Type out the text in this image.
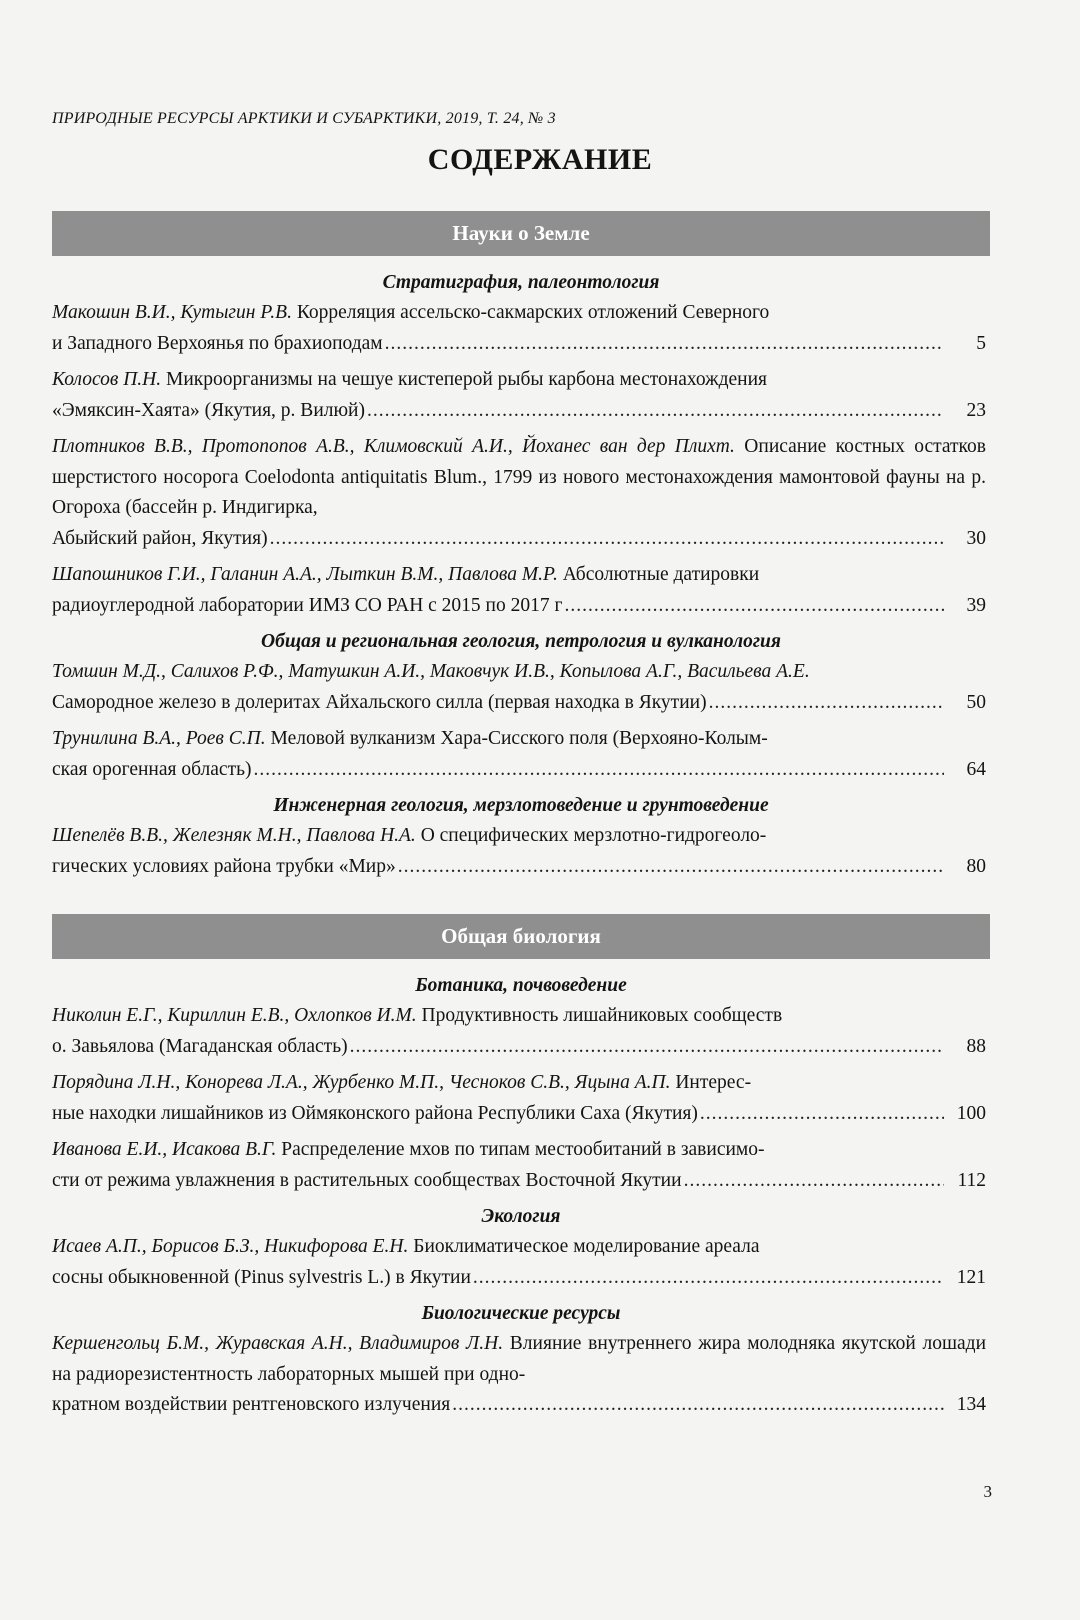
ПРИРОДНЫЕ РЕСУРСЫ АРКТИКИ И СУБАРКТИКИ, 2019, Т. 24, № 3
СОДЕРЖАНИЕ
Науки о Земле
Стратиграфия, палеонтология
Макошин В.И., Кутыгин Р.В. Корреляция ассельско-сакмарских отложений Северного
и Западного Верхоянья по брахиоподам .....	5
Колосов П.Н. Микроорганизмы на чешуе кистеперой рыбы карбона местонахождения
«Эмяксин-Хаята» (Якутия, р. Вилюй) .....	23
Плотников В.В., Протопопов А.В., Климовский А.И., Йоханес ван дер Плихт. Описание костных остатков шерстистого носорога Coelodonta antiquitatis Blum., 1799 из нового местонахождения мамонтовой фауны на р. Огороха (бассейн р. Индигирка,
Абыйский район, Якутия) .....	30
Шапошников Г.И., Галанин А.А., Лыткин В.М., Павлова М.Р. Абсолютные датировки
радиоуглеродной лаборатории ИМЗ СО РАН с 2015 по 2017 г .....	39
Общая и региональная геология, петрология и вулканология
Томшин М.Д., Салихов Р.Ф., Матушкин А.И., Маковчук И.В., Копылова А.Г., Васильева А.Е.
Самородное железо в долеритах Айхальского силла (первая находка в Якутии) .....	50
Трунилина В.А., Роев С.П. Меловой вулканизм Хара-Сисского поля (Верхояно-Колым-
ская орогенная область) .....	64
Инженерная геология, мерзлотоведение и грунтоведение
Шепелёв В.В., Железняк М.Н., Павлова Н.А. О специфических мерзлотно-гидрогеоло-
гических условиях района трубки «Мир» .....	80
Общая биология
Ботаника, почвоведение
Николин Е.Г., Кириллин Е.В., Охлопков И.М. Продуктивность лишайниковых сообществ
о. Завьялова (Магаданская область) .....	88
Порядина Л.Н., Конорева Л.А., Журбенко М.П., Чесноков С.В., Яцына А.П. Интерес-
ные находки лишайников из Оймяконского района Республики Саха (Якутия) .....	100
Иванова Е.И., Исакова В.Г. Распределение мхов по типам местообитаний в зависимо-
сти от режима увлажнения в растительных сообществах Восточной Якутии .....	112
Экология
Исаев А.П., Борисов Б.З., Никифорова Е.Н. Биоклиматическое моделирование ареала
сосны обыкновенной (Pinus sylvestris L.) в Якутии .....	121
Биологические ресурсы
Кершенгольц Б.М., Журавская А.Н., Владимиров Л.Н. Влияние внутреннего жира молодняка якутской лошади на радиорезистентность лабораторных мышей при одно-
кратном воздействии рентгеновского излучения .....	134
3
